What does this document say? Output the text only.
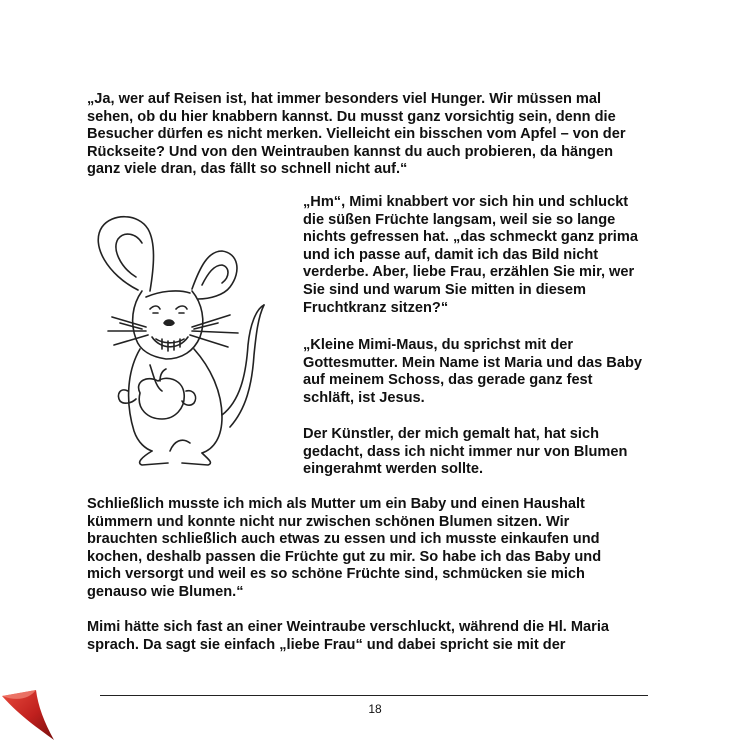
„Ja, wer auf Reisen ist, hat immer besonders viel Hunger. Wir müssen mal
sehen, ob du hier knabbern kannst. Du musst ganz vorsichtig sein, denn die
Besucher dürfen es nicht merken. Vielleicht ein bisschen vom Apfel – von der
Rückseite? Und von den Weintrauben kannst du auch probieren, da hängen
ganz viele dran, das fällt so schnell nicht auf.“
„Hm“, Mimi knabbert vor sich hin und schluckt
die süßen Früchte langsam, weil sie so lange
nichts gefressen hat. „das schmeckt ganz prima
und ich passe auf, damit ich das Bild nicht
verderbe. Aber, liebe Frau, erzählen Sie mir, wer
Sie sind und warum Sie mitten in diesem
Fruchtkranz sitzen?“
„Kleine Mimi-Maus, du sprichst mit der
Gottesmutter. Mein Name ist Maria und das Baby
auf meinem Schoss, das gerade ganz fest
schläft, ist Jesus.
Der Künstler, der mich gemalt hat, hat sich
gedacht, dass ich nicht immer nur von Blumen
eingerahmt werden sollte.
Schließlich musste ich mich als Mutter um ein Baby und einen Haushalt
kümmern und konnte nicht nur zwischen schönen Blumen sitzen. Wir
brauchten schließlich auch etwas zu essen und ich musste einkaufen und
kochen, deshalb passen die Früchte gut zu mir. So habe ich das Baby und
mich versorgt und weil es so schöne Früchte sind, schmücken sie mich
genauso wie Blumen.“
Mimi hätte sich fast an einer Weintraube verschluckt, während die Hl. Maria
sprach. Da sagt sie einfach „liebe Frau“ und dabei spricht sie mit der
18
